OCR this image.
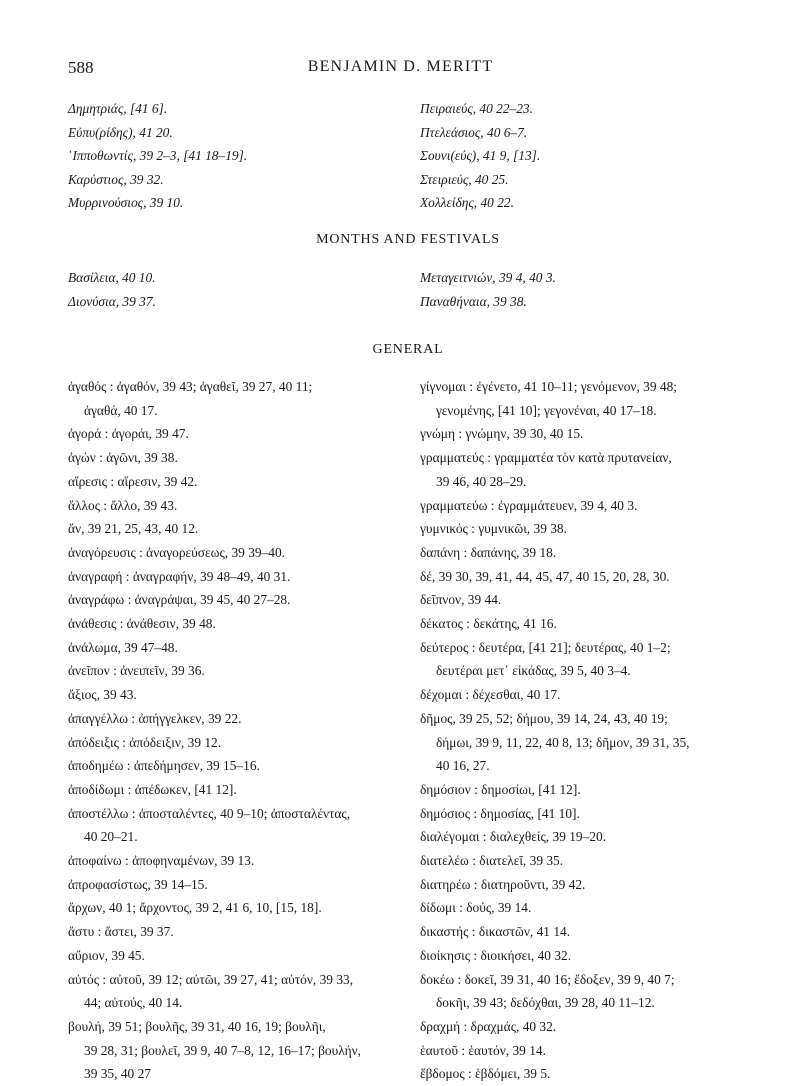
588	BENJAMIN D. MERITT
Δημητριάς, [41 6].
Εὐπυ(ρίδης), 41 20.
῾Ιπποθωντίς, 39 2–3, [41 18–19].
Καρύστιος, 39 32.
Μυρρινούσιος, 39 10.
Πειραιεύς, 40 22–23.
Πτελεάσιος, 40 6–7.
Σουνι(εύς), 41 9, [13].
Στειριεύς, 40 25.
Χολλείδης, 40 22.
MONTHS AND FESTIVALS
Βασίλεια, 40 10.
Διονύσια, 39 37.
Μεταγειτνιών, 39 4, 40 3.
Παναθήναια, 39 38.
GENERAL
ἀγαθός : ἀγαθόν, 39 43; ἀγαθεῖ, 39 27, 40 11;
ἀγαθά, 40 17.
ἀγορά : ἀγοράι, 39 47.
ἀγών : ἀγῶνι, 39 38.
αἵρεσις : αἵρεσιν, 39 42.
ἄλλος : ἄλλο, 39 43.
ἄν, 39 21, 25, 43, 40 12.
ἀναγόρευσις : ἀναγορεύσεως, 39 39–40.
ἀναγραφή : ἀναγραφήν, 39 48–49, 40 31.
ἀναγράφω : ἀναγράψαι, 39 45, 40 27–28.
ἀνάθεσις : ἀνάθεσιν, 39 48.
ἀνάλωμα, 39 47–48.
ἀνεῖπον : ἀνειπεῖν, 39 36.
ἄξιος, 39 43.
ἀπαγγέλλω : ἀπήγγελκεν, 39 22.
ἀπόδειξις : ἀπόδειξιν, 39 12.
ἀποδημέω : ἀπεδήμησεν, 39 15–16.
ἀποδίδωμι : ἀπέδωκεν, [41 12].
ἀποστέλλω : ἀποσταλέντες, 40 9–10; ἀποσταλέντας,
40 20–21.
ἀποφαίνω : ἀποφηναμένων, 39 13.
ἀπροφασίστως, 39 14–15.
ἄρχων, 40 1; ἄρχοντος, 39 2, 41 6, 10, [15, 18].
ἄστυ : ἄστει, 39 37.
αὔριον, 39 45.
αὐτός : αὐτοῦ, 39 12; αὐτῶι, 39 27, 41; αὐτόν, 39 33,
44; αὐτούς, 40 14.
βουλή, 39 51; βουλῆς, 39 31, 40 16, 19; βουλῆι,
39 28, 31; βουλεῖ, 39 9, 40 7–8, 12, 16–17; βουλήν,
39 35, 40 27
γίγνομαι : ἐγένετο, 41 10–11; γενόμενον, 39 48;
γενομένης, [41 10]; γεγονέναι, 40 17–18.
γνώμη : γνώμην, 39 30, 40 15.
γραμματεύς : γραμματέα τὸν κατὰ πρυτανείαν,
39 46, 40 28–29.
γραμματεύω : ἐγραμμάτευεν, 39 4, 40 3.
γυμνικός : γυμνικῶι, 39 38.
δαπάνη : δαπάνης, 39 18.
δέ, 39 30, 39, 41, 44, 45, 47, 40 15, 20, 28, 30.
δεῖπνον, 39 44.
δέκατος : δεκάτης, 41 16.
δεύτερος : δευτέρα, [41 21]; δευτέρας, 40 1–2;
δευτέραι μετ᾽ εἰκάδας, 39 5, 40 3–4.
δέχομαι : δέχεσθαι, 40 17.
δῆμος, 39 25, 52; δήμου, 39 14, 24, 43, 40 19;
δήμωι, 39 9, 11, 22, 40 8, 13; δῆμον, 39 31, 35,
40 16, 27.
δημόσιον : δημοσίωι, [41 12].
δημόσιος : δημοσίας, [41 10].
διαλέγομαι : διαλεχθείς, 39 19–20.
διατελέω : διατελεῖ, 39 35.
διατηρέω : διατηροῦντι, 39 42.
δίδωμι : δούς, 39 14.
δικαστής : δικαστῶν, 41 14.
διοίκησις : διοικήσει, 40 32.
δοκέω : δοκεῖ, 39 31, 40 16; ἔδοξεν, 39 9, 40 7;
δοκῆι, 39 43; δεδόχθαι, 39 28, 40 11–12.
δραχμή : δραχμάς, 40 32.
ἑαυτοῦ : ἑαυτόν, 39 14.
ἕβδομος : ἑβδόμει, 39 5.
